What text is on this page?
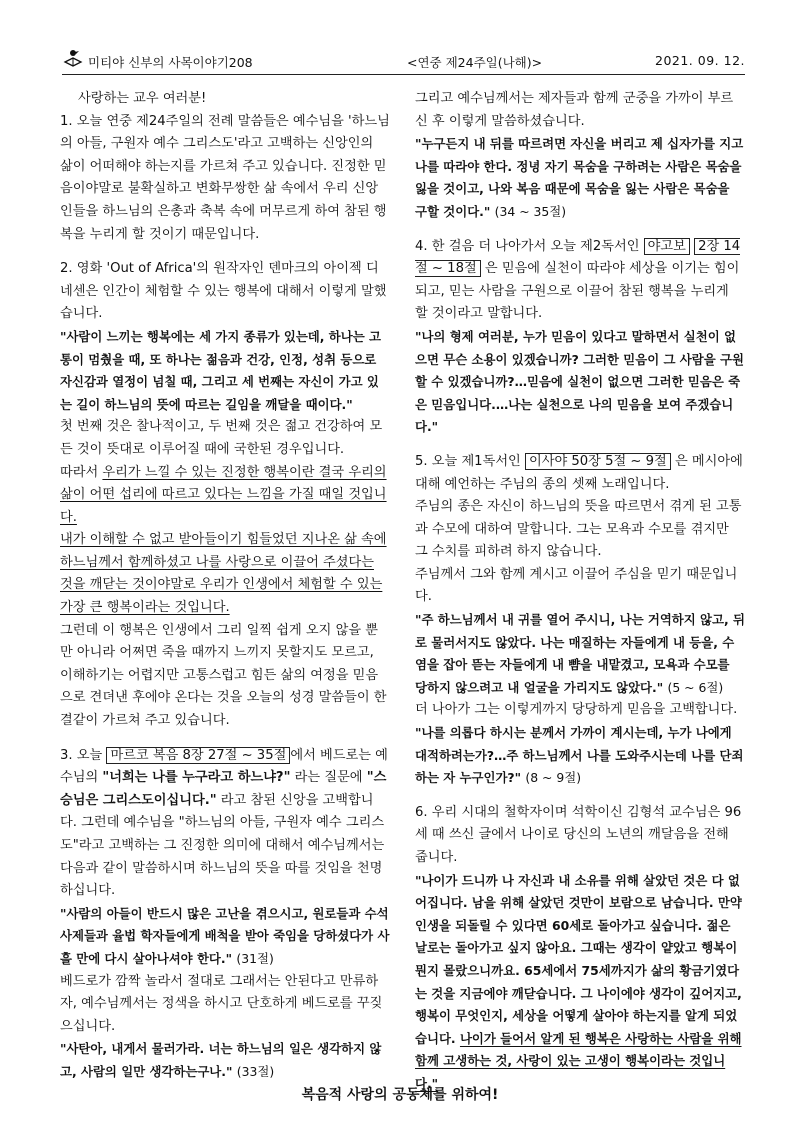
미티야 신부의 사목이야기208	<연중 제24주일(나해)>	2021. 09. 12.

사랑하는 교우 여러분!

1. 오늘 연중 제24주일의 전례 말씀들은 예수님을 '하느님의 아들, 구원자 예수 그리스도'라고 고백하는 신앙인의 삶이 어떠해야 하는지를 가르쳐 주고 있습니다. 진정한 믿음이야말로 불확실하고 변화무쌍한 삶 속에서 우리 신앙인들을 하느님의 은총과 축복 속에 머무르게 하여 참된 행복을 누리게 할 것이기 때문입니다.

2. 영화 'Out of Africa'의 원작자인 덴마크의 아이젝 디네센은 인간이 체험할 수 있는 행복에 대해서 이렇게 말했습니다.

"사람이 느끼는 행복에는 세 가지 종류가 있는데, 하나는 고통이 멈췄을 때, 또 하나는 젊음과 건강, 인정, 성취 등으로 자신감과 열정이 넘칠 때, 그리고 세 번째는 자신이 가고 있는 길이 하느님의 뜻에 따르는 길임을 깨달을 때이다."

첫 번째 것은 찰나적이고, 두 번째 것은 젊고 건강하여 모든 것이 뜻대로 이루어질 때에 국한된 경우입니다.

따라서 우리가 느낄 수 있는 진정한 행복이란 결국 우리의 삶이 어떤 섭리에 따르고 있다는 느낌을 가질 때일 것입니다.

내가 이해할 수 없고 받아들이기 힘들었던 지나온 삶 속에 하느님께서 함께하셨고 나를 사랑으로 이끌어 주셨다는 것을 깨닫는 것이야말로 우리가 인생에서 체험할 수 있는 가장 큰 행복이라는 것입니다.

그런데 이 행복은 인생에서 그리 일찍 쉽게 오지 않을 뿐만 아니라 어쩌면 죽을 때까지 느끼지 못할지도 모르고, 이해하기는 어렵지만 고통스럽고 힘든 삶의 여정을 믿음으로 견뎌낸 후에야 온다는 것을 오늘의 성경 말씀들이 한결같이 가르쳐 주고 있습니다.

3. 오늘 마르코 복음 8장 27절 ~ 35절 에서 베드로는 예수님의 "너희는 나를 누구라고 하느냐?" 라는 질문에 "스승님은 그리스도이십니다." 라고 참된 신앙을 고백합니다. 그런데 예수님을 "하느님의 아들, 구원자 예수 그리스도"라고 고백하는 그 진정한 의미에 대해서 예수님께서는 다음과 같이 말씀하시며 하느님의 뜻을 따를 것임을 천명하십니다.

"사람의 아들이 반드시 많은 고난을 겪으시고, 원로들과 수석 사제들과 율법 학자들에게 배척을 받아 죽임을 당하셨다가 사흘 만에 다시 살아나셔야 한다." (31절)

베드로가 깜짝 놀라서 절대로 그래서는 안된다고 만류하자, 예수님께서는 정색을 하시고 단호하게 베드로를 꾸짖으십니다.

"사탄아, 내게서 물러가라. 너는 하느님의 일은 생각하지 않고, 사람의 일만 생각하는구나." (33절)

그리고 예수님께서는 제자들과 함께 군중을 가까이 부르신 후 이렇게 말씀하셨습니다.

"누구든지 내 뒤를 따르려면 자신을 버리고 제 십자가를 지고 나를 따라야 한다. 정녕 자기 목숨을 구하려는 사람은 목숨을 잃을 것이고, 나와 복음 때문에 목숨을 잃는 사람은 목숨을 구할 것이다." (34 ~ 35절)

4. 한 걸음 더 나아가서 오늘 제2독서인 야고보 2장 14절 ~ 18절 은 믿음에 실천이 따라야 세상을 이기는 힘이 되고, 믿는 사람을 구원으로 이끌어 참된 행복을 누리게 할 것이라고 말합니다.

"나의 형제 여러분, 누가 믿음이 있다고 말하면서 실천이 없으면 무슨 소용이 있겠습니까? 그러한 믿음이 그 사람을 구원할 수 있겠습니까?…믿음에 실천이 없으면 그러한 믿음은 죽은 믿음입니다.…나는 실천으로 나의 믿음을 보여 주겠습니다."

5. 오늘 제1독서인 이사야 50장 5절 ~ 9절 은 메시아에 대해 예언하는 주님의 종의 셋째 노래입니다.

주님의 종은 자신이 하느님의 뜻을 따르면서 겪게 된 고통과 수모에 대하여 말합니다. 그는 모욕과 수모를 겪지만 그 수치를 피하려 하지 않습니다.

주님께서 그와 함께 계시고 이끌어 주심을 믿기 때문입니다.

"주 하느님께서 내 귀를 열어 주시니, 나는 거역하지 않고, 뒤로 물러서지도 않았다. 나는 매질하는 자들에게 내 등을, 수염을 잡아 뜯는 자들에게 내 뺨을 내맡겼고, 모욕과 수모를 당하지 않으려고 내 얼굴을 가리지도 않았다." (5 ~ 6절)

더 나아가 그는 이렇게까지 당당하게 믿음을 고백합니다.

"나를 의롭다 하시는 분께서 가까이 계시는데, 누가 나에게 대적하려는가?…주 하느님께서 나를 도와주시는데 나를 단죄하는 자 누구인가?" (8 ~ 9절)

6. 우리 시대의 철학자이며 석학이신 김형석 교수님은 96세 때 쓰신 글에서 나이로 당신의 노년의 깨달음을 전해 줍니다.

"나이가 드니까 나 자신과 내 소유를 위해 살았던 것은 다 없어집니다. 남을 위해 살았던 것만이 보람으로 남습니다. 만약 인생을 되돌릴 수 있다면 60세로 돌아가고 싶습니다. 젊은 날로는 돌아가고 싶지 않아요. 그때는 생각이 얕았고 행복이 뭔지 몰랐으니까요. 65세에서 75세까지가 삶의 황금기였다는 것을 지금에야 깨닫습니다. 그 나이에야 생각이 깊어지고, 행복이 무엇인지, 세상을 어떻게 살아야 하는지를 알게 되었습니다. 나이가 들어서 알게 된 행복은 사랑하는 사람을 위해 함께 고생하는 것, 사랑이 있는 고생이 행복이라는 것입니다."

복음적 사랑의 공동체를 위하여!
